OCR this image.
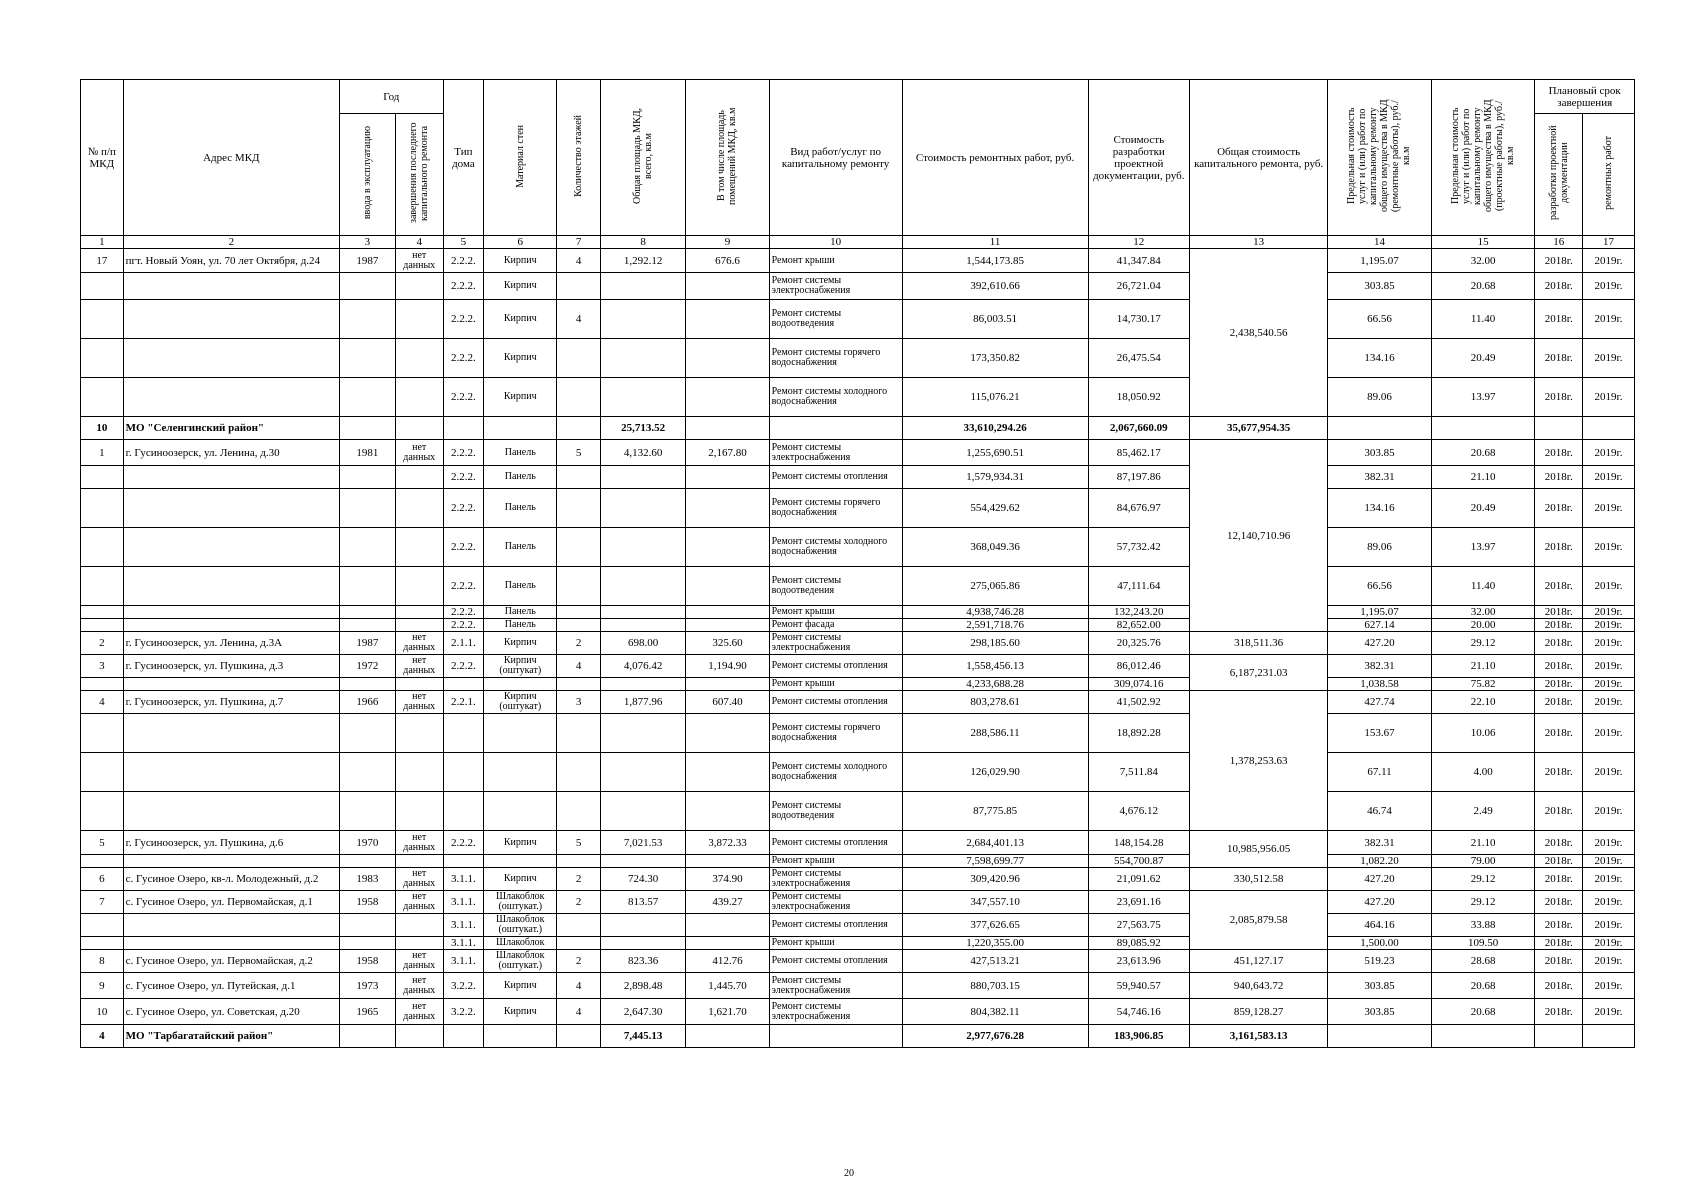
№ п/п МКД	Адрес МКД	Год		Тип дома	Материал стен	Количество этажей	Общая площадь МКД, всего, кв.м	В том числе площадь помещений МКД, кв.м	Вид работ/услуг по капитальному ремонту	Стоимость ремонтных работ, руб.	Стоимость разработки проектной документации, руб.	Общая стоимость капитального ремонта, руб.	Предельная стоимость услуг и (или) работ по капитальному ремонту общего имущества в МКД (ремонтные работы), руб./кв.м	Предельная стоимость услуг и (или) работ по капитальному ремонту общего имущества в МКД (проектные работы), руб./кв.м	Плановый срок завершения	
		ввода в эксплуатацию	завершения последнего капитального ремонта												разработки проектной документации	ремонтных работ
1	2	3	4	5	6	7	8	9	10	11	12	13	14	15	16	17
17	пгт. Новый Уоян, ул. 70 лет Октября, д.24	1987	нет данных	2.2.2.	Кирпич	4	1,292.12	676.6	Ремонт крыши	1,544,173.85	41,347.84	2,438,540.56	1,195.07	32.00	2018г.	2019г.
				2.2.2.	Кирпич				Ремонт системы электроснабжения	392,610.66	26,721.04		303.85	20.68	2018г.	2019г.
				2.2.2.	Кирпич	4			Ремонт системы водоотведения	86,003.51	14,730.17		66.56	11.40	2018г.	2019г.
				2.2.2.	Кирпич				Ремонт системы горячего водоснабжения	173,350.82	26,475.54		134.16	20.49	2018г.	2019г.
				2.2.2.	Кирпич				Ремонт системы холодного водоснабжения	115,076.21	18,050.92		89.06	13.97	2018г.	2019г.
10	МО "Селенгинский район"						25,713.52			33,610,294.26	2,067,660.09	35,677,954.35				
1	г. Гусиноозерск, ул. Ленина, д.30	1981	нет данных	2.2.2.	Панель	5	4,132.60	2,167.80	Ремонт системы электроснабжения	1,255,690.51	85,462.17	12,140,710.96	303.85	20.68	2018г.	2019г.
				2.2.2.	Панель				Ремонт системы отопления	1,579,934.31	87,197.86		382.31	21.10	2018г.	2019г.
				2.2.2.	Панель				Ремонт системы горячего водоснабжения	554,429.62	84,676.97		134.16	20.49	2018г.	2019г.
				2.2.2.	Панель				Ремонт системы холодного водоснабжения	368,049.36	57,732.42		89.06	13.97	2018г.	2019г.
				2.2.2.	Панель				Ремонт системы водоотведения	275,065.86	47,111.64		66.56	11.40	2018г.	2019г.
				2.2.2.	Панель				Ремонт крыши	4,938,746.28	132,243.20		1,195.07	32.00	2018г.	2019г.
				2.2.2.	Панель				Ремонт фасада	2,591,718.76	82,652.00		627.14	20.00	2018г.	2019г.
2	г. Гусиноозерск, ул. Ленина, д.3А	1987	нет данных	2.1.1.	Кирпич	2	698.00	325.60	Ремонт системы электроснабжения	298,185.60	20,325.76	318,511.36	427.20	29.12	2018г.	2019г.
3	г. Гусиноозерск, ул. Пушкина, д.3	1972	нет данных	2.2.2.	Кирпич (оштукат)	4	4,076.42	1,194.90	Ремонт системы отопления	1,558,456.13	86,012.46	6,187,231.03	382.31	21.10	2018г.	2019г.
									Ремонт крыши	4,233,688.28	309,074.16		1,038.58	75.82	2018г.	2019г.
4	г. Гусиноозерск, ул. Пушкина, д.7	1966	нет данных	2.2.1.	Кирпич (оштукат)	3	1,877.96	607.40	Ремонт системы отопления	803,278.61	41,502.92	1,378,253.63	427.74	22.10	2018г.	2019г.
									Ремонт системы горячего водоснабжения	288,586.11	18,892.28		153.67	10.06	2018г.	2019г.
									Ремонт системы холодного водоснабжения	126,029.90	7,511.84		67.11	4.00	2018г.	2019г.
									Ремонт системы водоотведения	87,775.85	4,676.12		46.74	2.49	2018г.	2019г.
5	г. Гусиноозерск, ул. Пушкина, д.6	1970	нет данных	2.2.2.	Кирпич	5	7,021.53	3,872.33	Ремонт системы отопления	2,684,401.13	148,154.28	10,985,956.05	382.31	21.10	2018г.	2019г.
									Ремонт крыши	7,598,699.77	554,700.87		1,082.20	79.00	2018г.	2019г.
6	с. Гусиное Озеро, кв-л. Молодежный, д.2	1983	нет данных	3.1.1.	Кирпич	2	724.30	374.90	Ремонт системы электроснабжения	309,420.96	21,091.62	330,512.58	427.20	29.12	2018г.	2019г.
7	с. Гусиное Озеро, ул. Первомайская, д.1	1958	нет данных	3.1.1.	Шлакоблок (оштукат.)	2	813.57	439.27	Ремонт системы электроснабжения	347,557.10	23,691.16	2,085,879.58	427.20	29.12	2018г.	2019г.
				3.1.1.	Шлакоблок (оштукат.)				Ремонт системы отопления	377,626.65	27,563.75		464.16	33.88	2018г.	2019г.
				3.1.1.	Шлакоблок				Ремонт крыши	1,220,355.00	89,085.92		1,500.00	109.50	2018г.	2019г.
8	с. Гусиное Озеро, ул. Первомайская, д.2	1958	нет данных	3.1.1.	Шлакоблок (оштукат.)	2	823.36	412.76	Ремонт системы отопления	427,513.21	23,613.96	451,127.17	519.23	28.68	2018г.	2019г.
9	с. Гусиное Озеро, ул. Путейская, д.1	1973	нет данных	3.2.2.	Кирпич	4	2,898.48	1,445.70	Ремонт системы электроснабжения	880,703.15	59,940.57	940,643.72	303.85	20.68	2018г.	2019г.
10	с. Гусиное Озеро, ул. Советская, д.20	1965	нет данных	3.2.2.	Кирпич	4	2,647.30	1,621.70	Ремонт системы электроснабжения	804,382.11	54,746.16	859,128.27	303.85	20.68	2018г.	2019г.
4	МО "Тарбагатайский район"						7,445.13			2,977,676.28	183,906.85	3,161,583.13				
20
